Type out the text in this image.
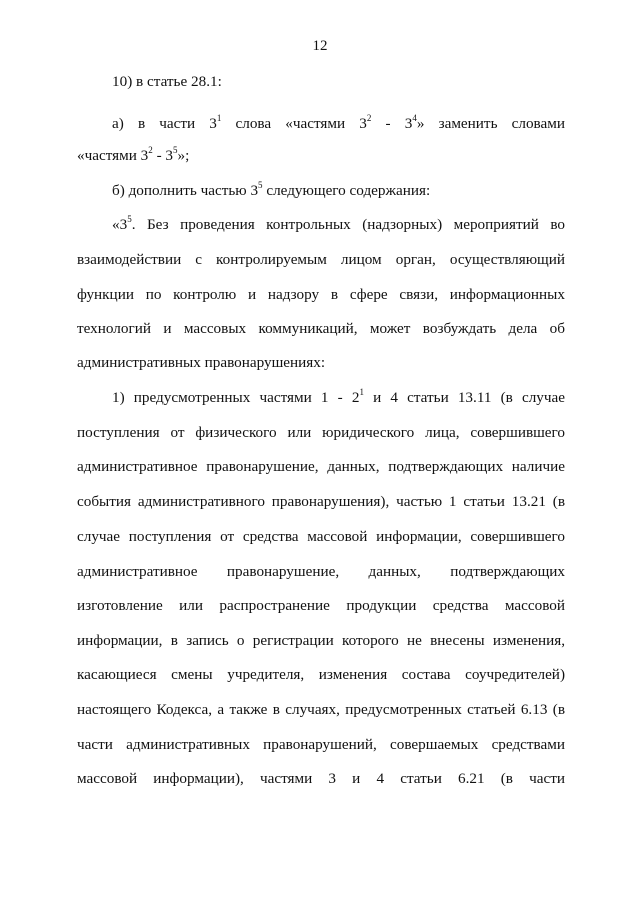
12
10) в статье 28.1:
а) в части $3^1$ слова «частями $3^2 - 3^4$» заменить словами
«частями $3^2 - 3^5$»;
б) дополнить частью $3^5$ следующего содержания:
«$3^5$. Без проведения контрольных (надзорных) мероприятий во
взаимодействии с контролируемым лицом орган, осуществляющий
функции по контролю и надзору в сфере связи, информационных
технологий и массовых коммуникаций, может возбуждать дела об
административных правонарушениях:
1) предусмотренных частями $1 - 2^1$ и 4 статьи 13.11 (в случае
поступления от физического или юридического лица, совершившего
административное правонарушение, данных, подтверждающих наличие
события административного правонарушения), частью 1 статьи 13.21 (в
случае поступления от средства массовой информации, совершившего
административное правонарушение, данных, подтверждающих
изготовление или распространение продукции средства массовой
информации, в запись о регистрации которого не внесены изменения,
касающиеся смены учредителя, изменения состава соучредителей)
настоящего Кодекса, а также в случаях, предусмотренных статьей 6.13 (в
части административных правонарушений, совершаемых средствами
массовой информации), частями 3 и 4 статьи 6.21 (в части
